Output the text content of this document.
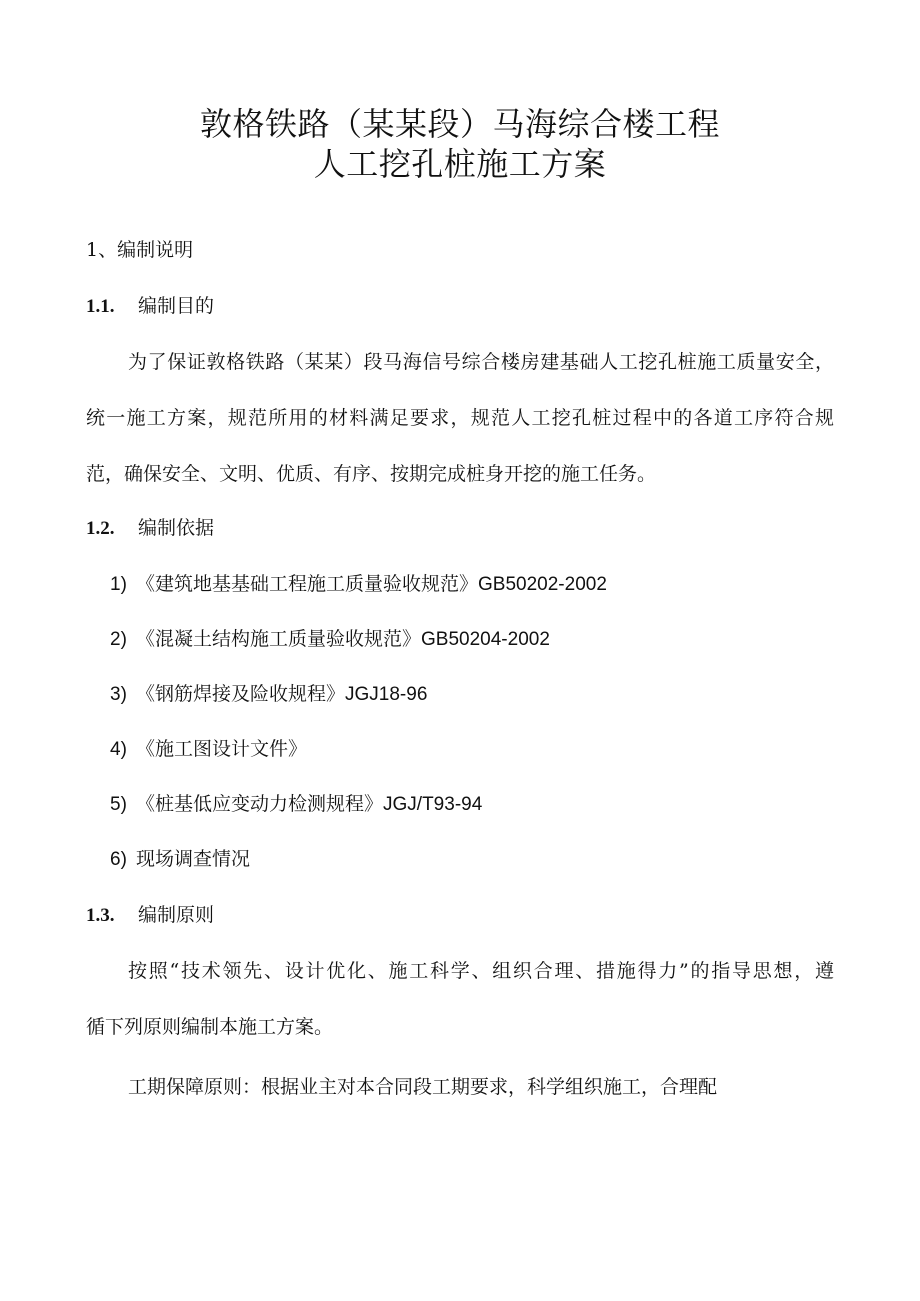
敦格铁路（某某段）马海综合楼工程
人工挖孔桩施工方案
1、编制说明
1.1. 编制目的
为了保证敦格铁路（某某）段马海信号综合楼房建基础人工挖孔桩施工质量安全，
统一施工方案，规范所用的材料满足要求，规范人工挖孔桩过程中的各道工序符合规
范，确保安全、文明、优质、有序、按期完成桩身开挖的施工任务。
1.2. 编制依据
1) 《建筑地基基础工程施工质量验收规范》GB50202-2002
2) 《混凝土结构施工质量验收规范》GB50204-2002
3) 《钢筋焊接及险收规程》JGJ18-96
4) 《施工图设计文件》
5) 《桩基低应变动力检测规程》JGJ/T93-94
6) 现场调查情况
1.3. 编制原则
按照“技术领先、设计优化、施工科学、组织合理、措施得力”的指导思想，遵
循下列原则编制本施工方案。
工期保障原则：根据业主对本合同段工期要求，科学组织施工，合理配
